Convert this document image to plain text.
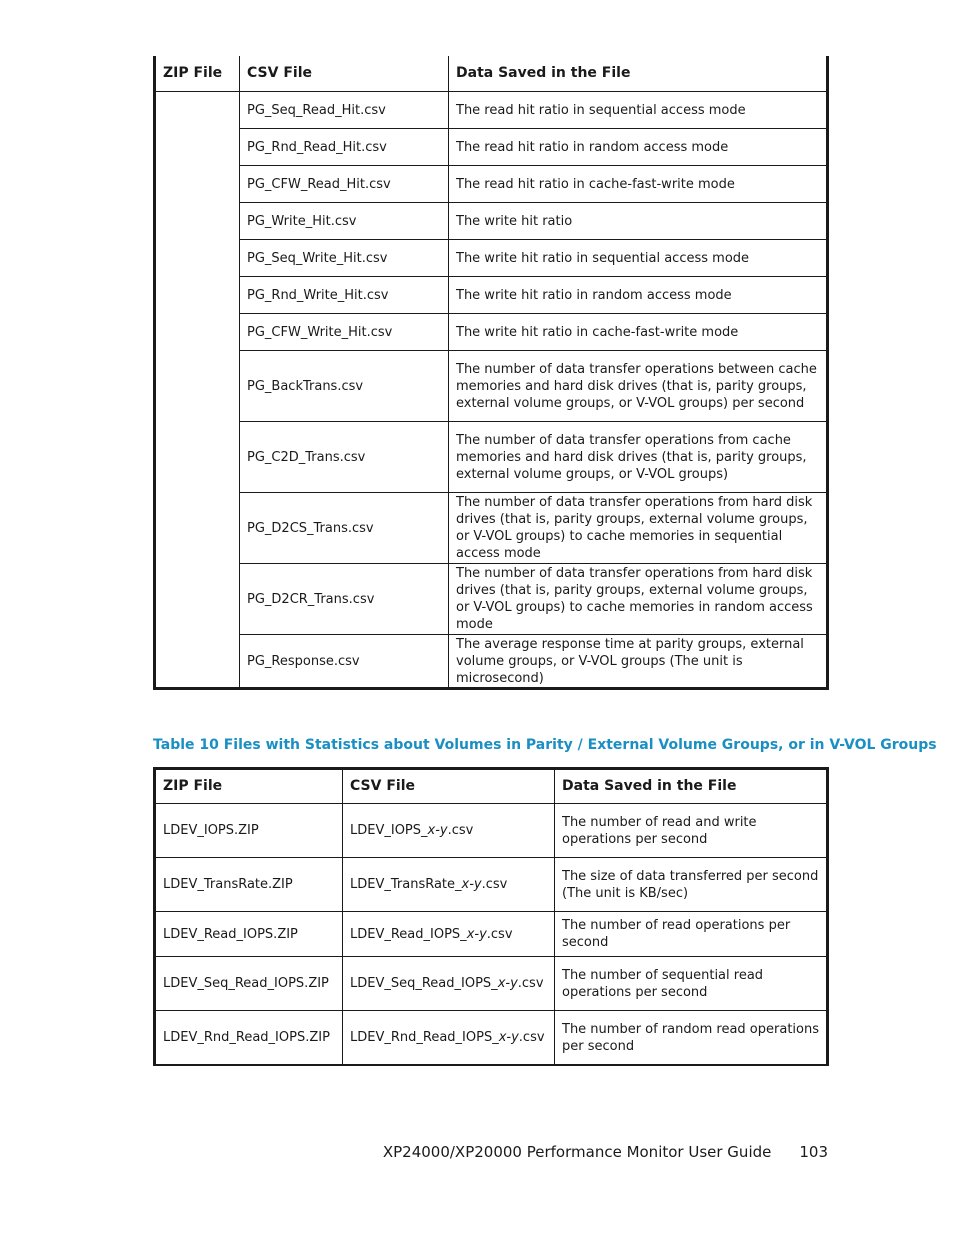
ZIP File	CSV File	Data Saved in the File
	PG_Seq_Read_Hit.csv	The read hit ratio in sequential access mode
	PG_Rnd_Read_Hit.csv	The read hit ratio in random access mode
	PG_CFW_Read_Hit.csv	The read hit ratio in cache-fast-write mode
	PG_Write_Hit.csv	The write hit ratio
	PG_Seq_Write_Hit.csv	The write hit ratio in sequential access mode
	PG_Rnd_Write_Hit.csv	The write hit ratio in random access mode
	PG_CFW_Write_Hit.csv	The write hit ratio in cache-fast-write mode
	PG_BackTrans.csv	The number of data transfer operations between cache memories and hard disk drives (that is, parity groups, external volume groups, or V-VOL groups) per second
	PG_C2D_Trans.csv	The number of data transfer operations from cache memories and hard disk drives (that is, parity groups, external volume groups, or V-VOL groups)
	PG_D2CS_Trans.csv	The number of data transfer operations from hard disk drives (that is, parity groups, external volume groups, or V-VOL groups) to cache memories in sequential access mode
	PG_D2CR_Trans.csv	The number of data transfer operations from hard disk drives (that is, parity groups, external volume groups, or V-VOL groups) to cache memories in random access mode
	PG_Response.csv	The average response time at parity groups, external volume groups, or V-VOL groups (The unit is microsecond)
Table 10 Files with Statistics about Volumes in Parity / External Volume Groups, or in V-VOL Groups
ZIP File	CSV File	Data Saved in the File
LDEV_IOPS.ZIP	LDEV_IOPS_x-y.csv	The number of read and write operations per second
LDEV_TransRate.ZIP	LDEV_TransRate_x-y.csv	The size of data transferred per second (The unit is KB/sec)
LDEV_Read_IOPS.ZIP	LDEV_Read_IOPS_x-y.csv	The number of read operations per second
LDEV_Seq_Read_IOPS.ZIP	LDEV_Seq_Read_IOPS_x-y.csv	The number of sequential read operations per second
LDEV_Rnd_Read_IOPS.ZIP	LDEV_Rnd_Read_IOPS_x-y.csv	The number of random read operations per second
XP24000/XP20000 Performance Monitor User Guide 103
